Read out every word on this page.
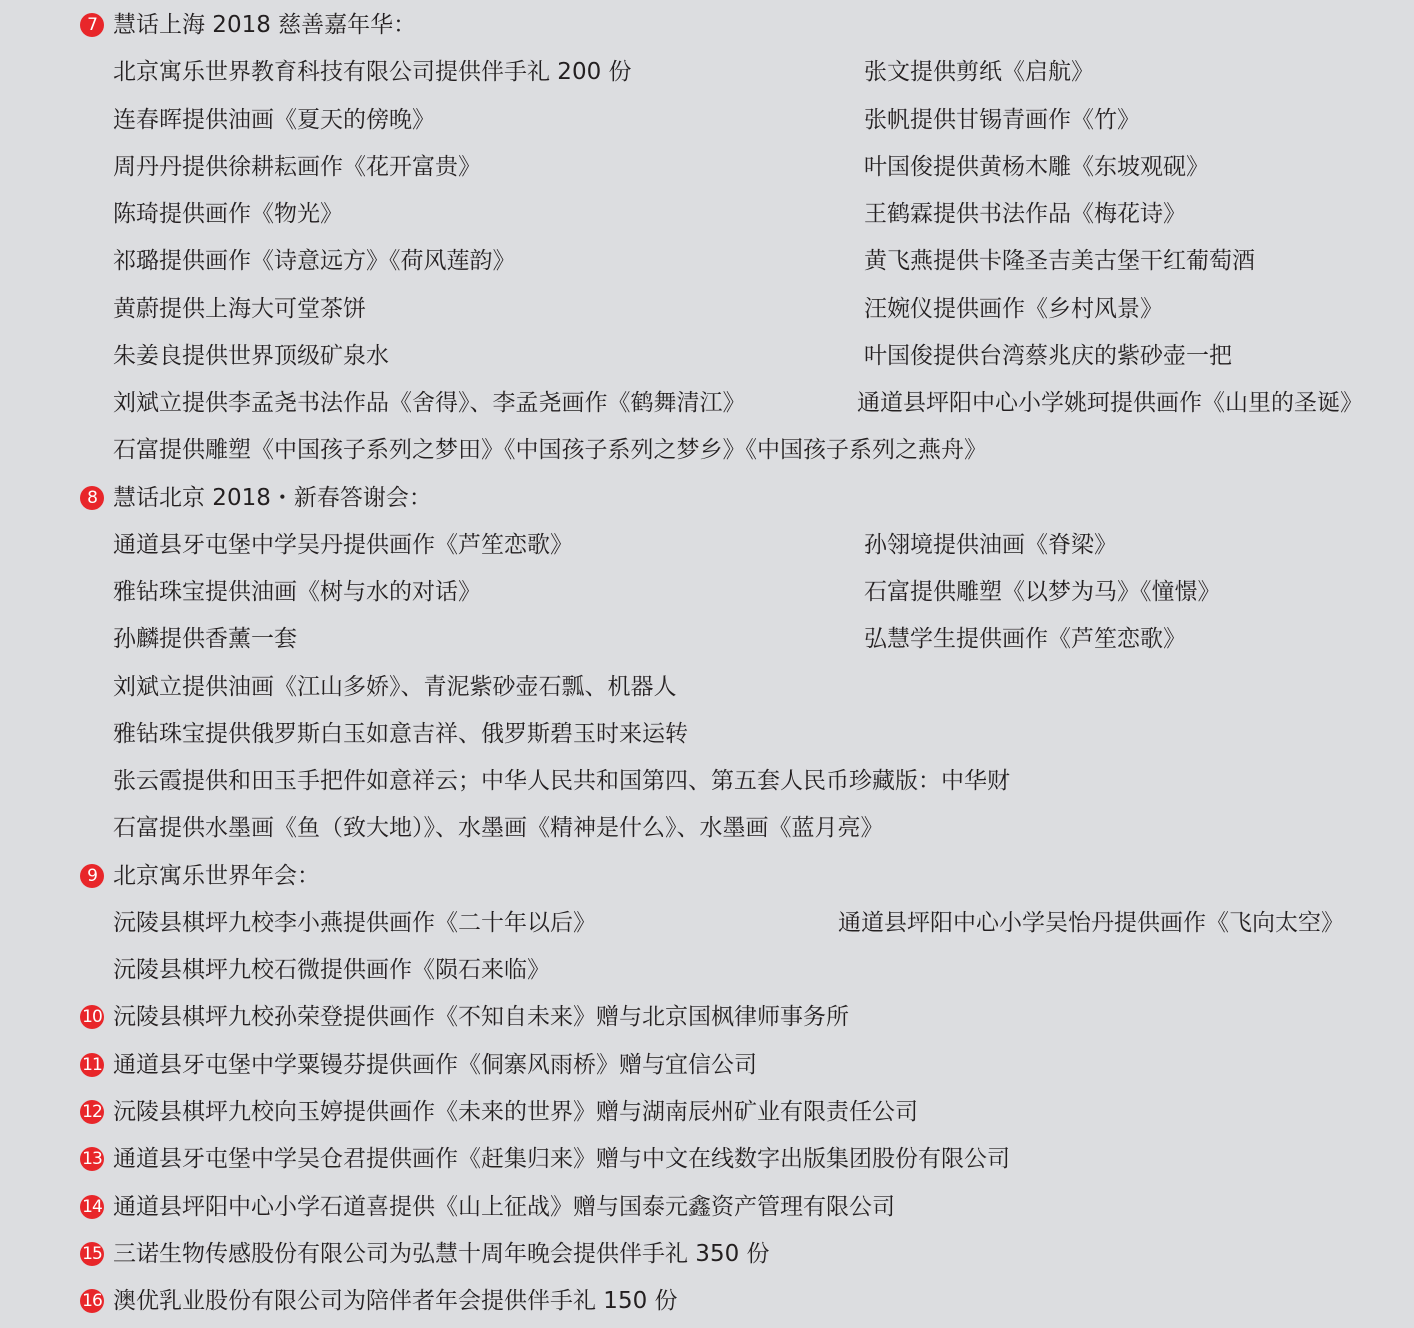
7 慧话上海 2018 慈善嘉年华：
北京寓乐世界教育科技有限公司提供伴手礼 200 份	张文提供剪纸《启航》
连春晖提供油画《夏天的傍晚》	张帆提供甘锡青画作《竹》
周丹丹提供徐耕耘画作《花开富贵》	叶国俊提供黄杨木雕《东坡观砚》
陈琦提供画作《物光》	王鹤霖提供书法作品《梅花诗》
祁璐提供画作《诗意远方》《荷风莲韵》	黄飞燕提供卡隆圣吉美古堡干红葡萄酒
黄蔚提供上海大可堂茶饼	汪婉仪提供画作《乡村风景》
朱姜良提供世界顶级矿泉水	叶国俊提供台湾蔡兆庆的紫砂壶一把
刘斌立提供李孟尧书法作品《舍得》、李孟尧画作《鹤舞清江》	通道县坪阳中心小学姚珂提供画作《山里的圣诞》
石富提供雕塑《中国孩子系列之梦田》《中国孩子系列之梦乡》《中国孩子系列之燕舟》
8 慧话北京 2018・新春答谢会：
通道县牙屯堡中学吴丹提供画作《芦笙恋歌》	孙翎境提供油画《脊梁》
雅钻珠宝提供油画《树与水的对话》	石富提供雕塑《以梦为马》《憧憬》
孙麟提供香薰一套	弘慧学生提供画作《芦笙恋歌》
刘斌立提供油画《江山多娇》、青泥紫砂壶石瓢、机器人
雅钻珠宝提供俄罗斯白玉如意吉祥、俄罗斯碧玉时来运转
张云霞提供和田玉手把件如意祥云；中华人民共和国第四、第五套人民币珍藏版：中华财
石富提供水墨画《鱼（致大地）》、水墨画《精神是什么》、水墨画《蓝月亮》
9 北京寓乐世界年会：
沅陵县棋坪九校李小燕提供画作《二十年以后》	通道县坪阳中心小学吴怡丹提供画作《飞向太空》
沅陵县棋坪九校石微提供画作《陨石来临》
10 沅陵县棋坪九校孙荣登提供画作《不知自未来》赠与北京国枫律师事务所
11 通道县牙屯堡中学粟镘芬提供画作《侗寨风雨桥》赠与宜信公司
12 沅陵县棋坪九校向玉婷提供画作《未来的世界》赠与湖南辰州矿业有限责任公司
13 通道县牙屯堡中学吴仓君提供画作《赶集归来》赠与中文在线数字出版集团股份有限公司
14 通道县坪阳中心小学石道喜提供《山上征战》赠与国泰元鑫资产管理有限公司
15 三诺生物传感股份有限公司为弘慧十周年晚会提供伴手礼 350 份
16 澳优乳业股份有限公司为陪伴者年会提供伴手礼 150 份
